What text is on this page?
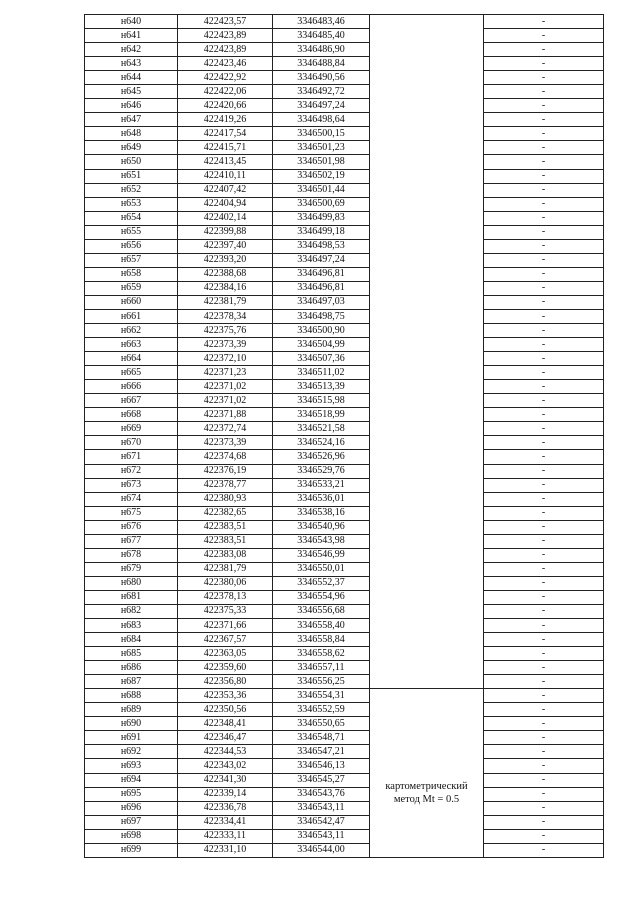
н640	422423,57	3346483,46		-
н641	422423,89	3346485,40		-
н642	422423,89	3346486,90		-
н643	422423,46	3346488,84		-
н644	422422,92	3346490,56		-
н645	422422,06	3346492,72		-
н646	422420,66	3346497,24		-
н647	422419,26	3346498,64		-
н648	422417,54	3346500,15		-
н649	422415,71	3346501,23		-
н650	422413,45	3346501,98		-
н651	422410,11	3346502,19		-
н652	422407,42	3346501,44		-
н653	422404,94	3346500,69		-
н654	422402,14	3346499,83		-
н655	422399,88	3346499,18		-
н656	422397,40	3346498,53		-
н657	422393,20	3346497,24		-
н658	422388,68	3346496,81		-
н659	422384,16	3346496,81		-
н660	422381,79	3346497,03		-
н661	422378,34	3346498,75		-
н662	422375,76	3346500,90		-
н663	422373,39	3346504,99		-
н664	422372,10	3346507,36		-
н665	422371,23	3346511,02		-
н666	422371,02	3346513,39		-
н667	422371,02	3346515,98		-
н668	422371,88	3346518,99		-
н669	422372,74	3346521,58		-
н670	422373,39	3346524,16		-
н671	422374,68	3346526,96		-
н672	422376,19	3346529,76		-
н673	422378,77	3346533,21		-
н674	422380,93	3346536,01		-
н675	422382,65	3346538,16		-
н676	422383,51	3346540,96		-
н677	422383,51	3346543,98		-
н678	422383,08	3346546,99		-
н679	422381,79	3346550,01		-
н680	422380,06	3346552,37		-
н681	422378,13	3346554,96		-
н682	422375,33	3346556,68		-
н683	422371,66	3346558,40		-
н684	422367,57	3346558,84		-
н685	422363,05	3346558,62		-
н686	422359,60	3346557,11		-
н687	422356,80	3346556,25		-
н688	422353,36	3346554,31	картометрический
метод Mt = 0.5	-
н689	422350,56	3346552,59		-
н690	422348,41	3346550,65		-
н691	422346,47	3346548,71		-
н692	422344,53	3346547,21		-
н693	422343,02	3346546,13		-
н694	422341,30	3346545,27		-
н695	422339,14	3346543,76		-
н696	422336,78	3346543,11		-
н697	422334,41	3346542,47		-
н698	422333,11	3346543,11		-
н699	422331,10	3346544,00		-
